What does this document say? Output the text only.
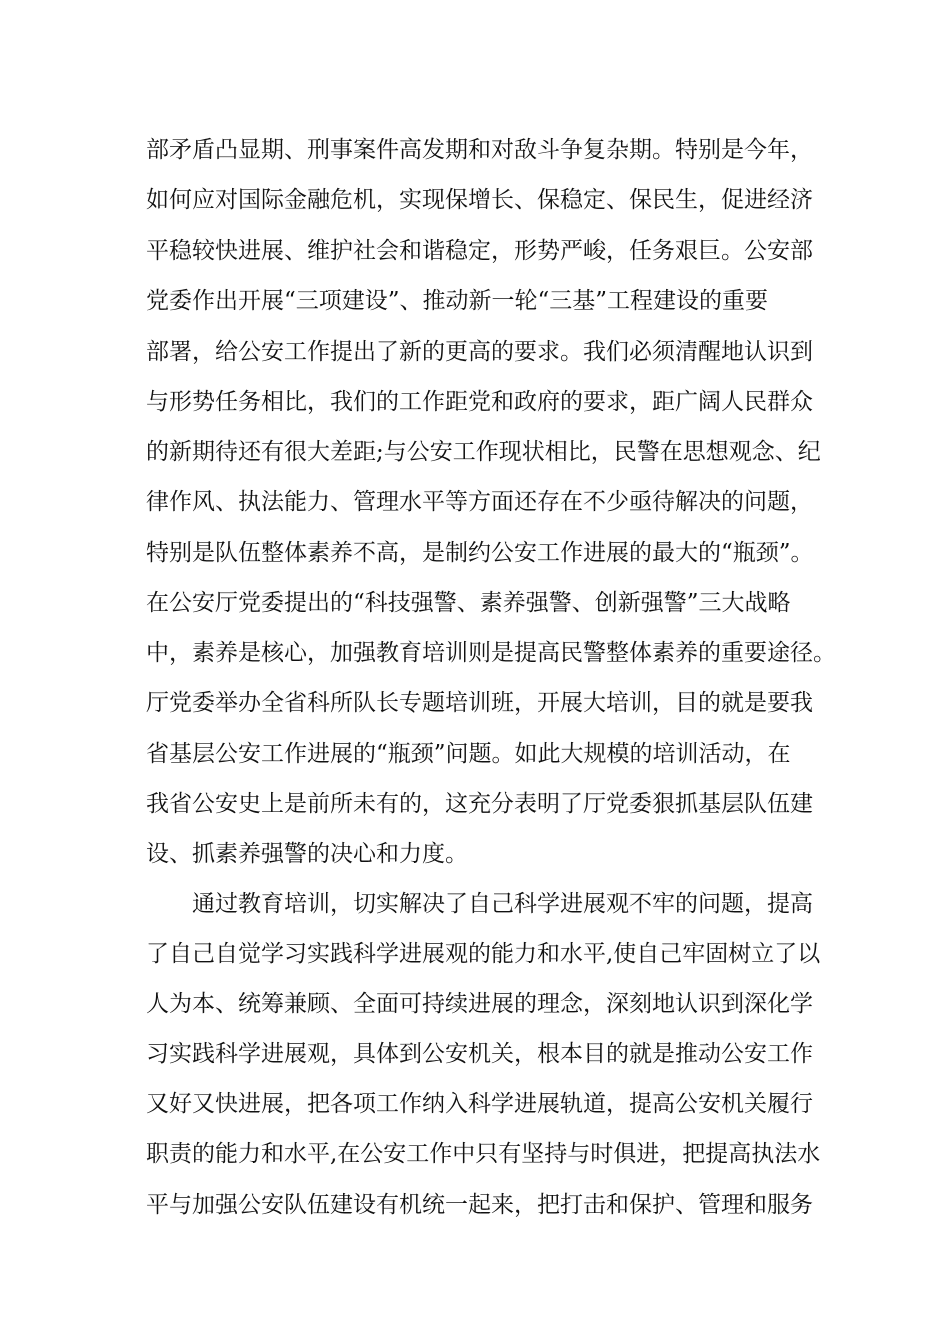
部矛盾凸显期、刑事案件高发期和对敌斗争复杂期。特别是今年，
如何应对国际金融危机，实现保增长、保稳定、保民生，促进经济
平稳较快进展、维护社会和谐稳定，形势严峻，任务艰巨。公安部
党委作出开展“三项建设”、推动新一轮“三基”工程建设的重要
部署，给公安工作提出了新的更高的要求。我们必须清醒地认识到
与形势任务相比，我们的工作距党和政府的要求，距广阔人民群众
的新期待还有很大差距;与公安工作现状相比，民警在思想观念、纪
律作风、执法能力、管理水平等方面还存在不少亟待解决的问题，
特别是队伍整体素养不高，是制约公安工作进展的最大的“瓶颈”。
在公安厅党委提出的“科技强警、素养强警、创新强警”三大战略
中，素养是核心，加强教育培训则是提高民警整体素养的重要途径。
厅党委举办全省科所队长专题培训班，开展大培训，目的就是要我
省基层公安工作进展的“瓶颈”问题。如此大规模的培训活动，在
我省公安史上是前所未有的，这充分表明了厅党委狠抓基层队伍建
设、抓素养强警的决心和力度。
通过教育培训，切实解决了自己科学进展观不牢的问题，提高
了自己自觉学习实践科学进展观的能力和水平,使自己牢固树立了以
人为本、统筹兼顾、全面可持续进展的理念，深刻地认识到深化学
习实践科学进展观，具体到公安机关，根本目的就是推动公安工作
又好又快进展，把各项工作纳入科学进展轨道，提高公安机关履行
职责的能力和水平,在公安工作中只有坚持与时俱进，把提高执法水
平与加强公安队伍建设有机统一起来，把打击和保护、管理和服务
